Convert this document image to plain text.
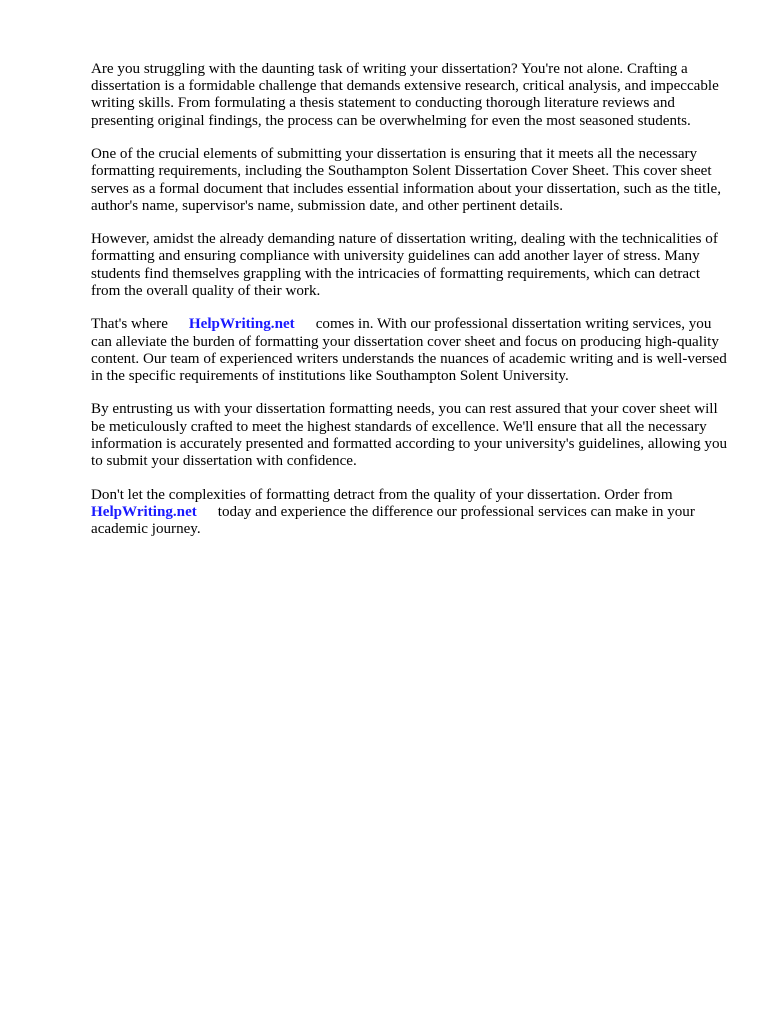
Are you struggling with the daunting task of writing your dissertation? You're not alone. Crafting a dissertation is a formidable challenge that demands extensive research, critical analysis, and impeccable writing skills. From formulating a thesis statement to conducting thorough literature reviews and presenting original findings, the process can be overwhelming for even the most seasoned students.

One of the crucial elements of submitting your dissertation is ensuring that it meets all the necessary formatting requirements, including the Southampton Solent Dissertation Cover Sheet. This cover sheet serves as a formal document that includes essential information about your dissertation, such as the title, author's name, supervisor's name, submission date, and other pertinent details.

However, amidst the already demanding nature of dissertation writing, dealing with the technicalities of formatting and ensuring compliance with university guidelines can add another layer of stress. Many students find themselves grappling with the intricacies of formatting requirements, which can detract from the overall quality of their work.

That's where HelpWriting.net comes in. With our professional dissertation writing services, you can alleviate the burden of formatting your dissertation cover sheet and focus on producing high-quality content. Our team of experienced writers understands the nuances of academic writing and is well-versed in the specific requirements of institutions like Southampton Solent University.

By entrusting us with your dissertation formatting needs, you can rest assured that your cover sheet will be meticulously crafted to meet the highest standards of excellence. We'll ensure that all the necessary information is accurately presented and formatted according to your university's guidelines, allowing you to submit your dissertation with confidence.

Don't let the complexities of formatting detract from the quality of your dissertation. Order from HelpWriting.net today and experience the difference our professional services can make in your academic journey.
